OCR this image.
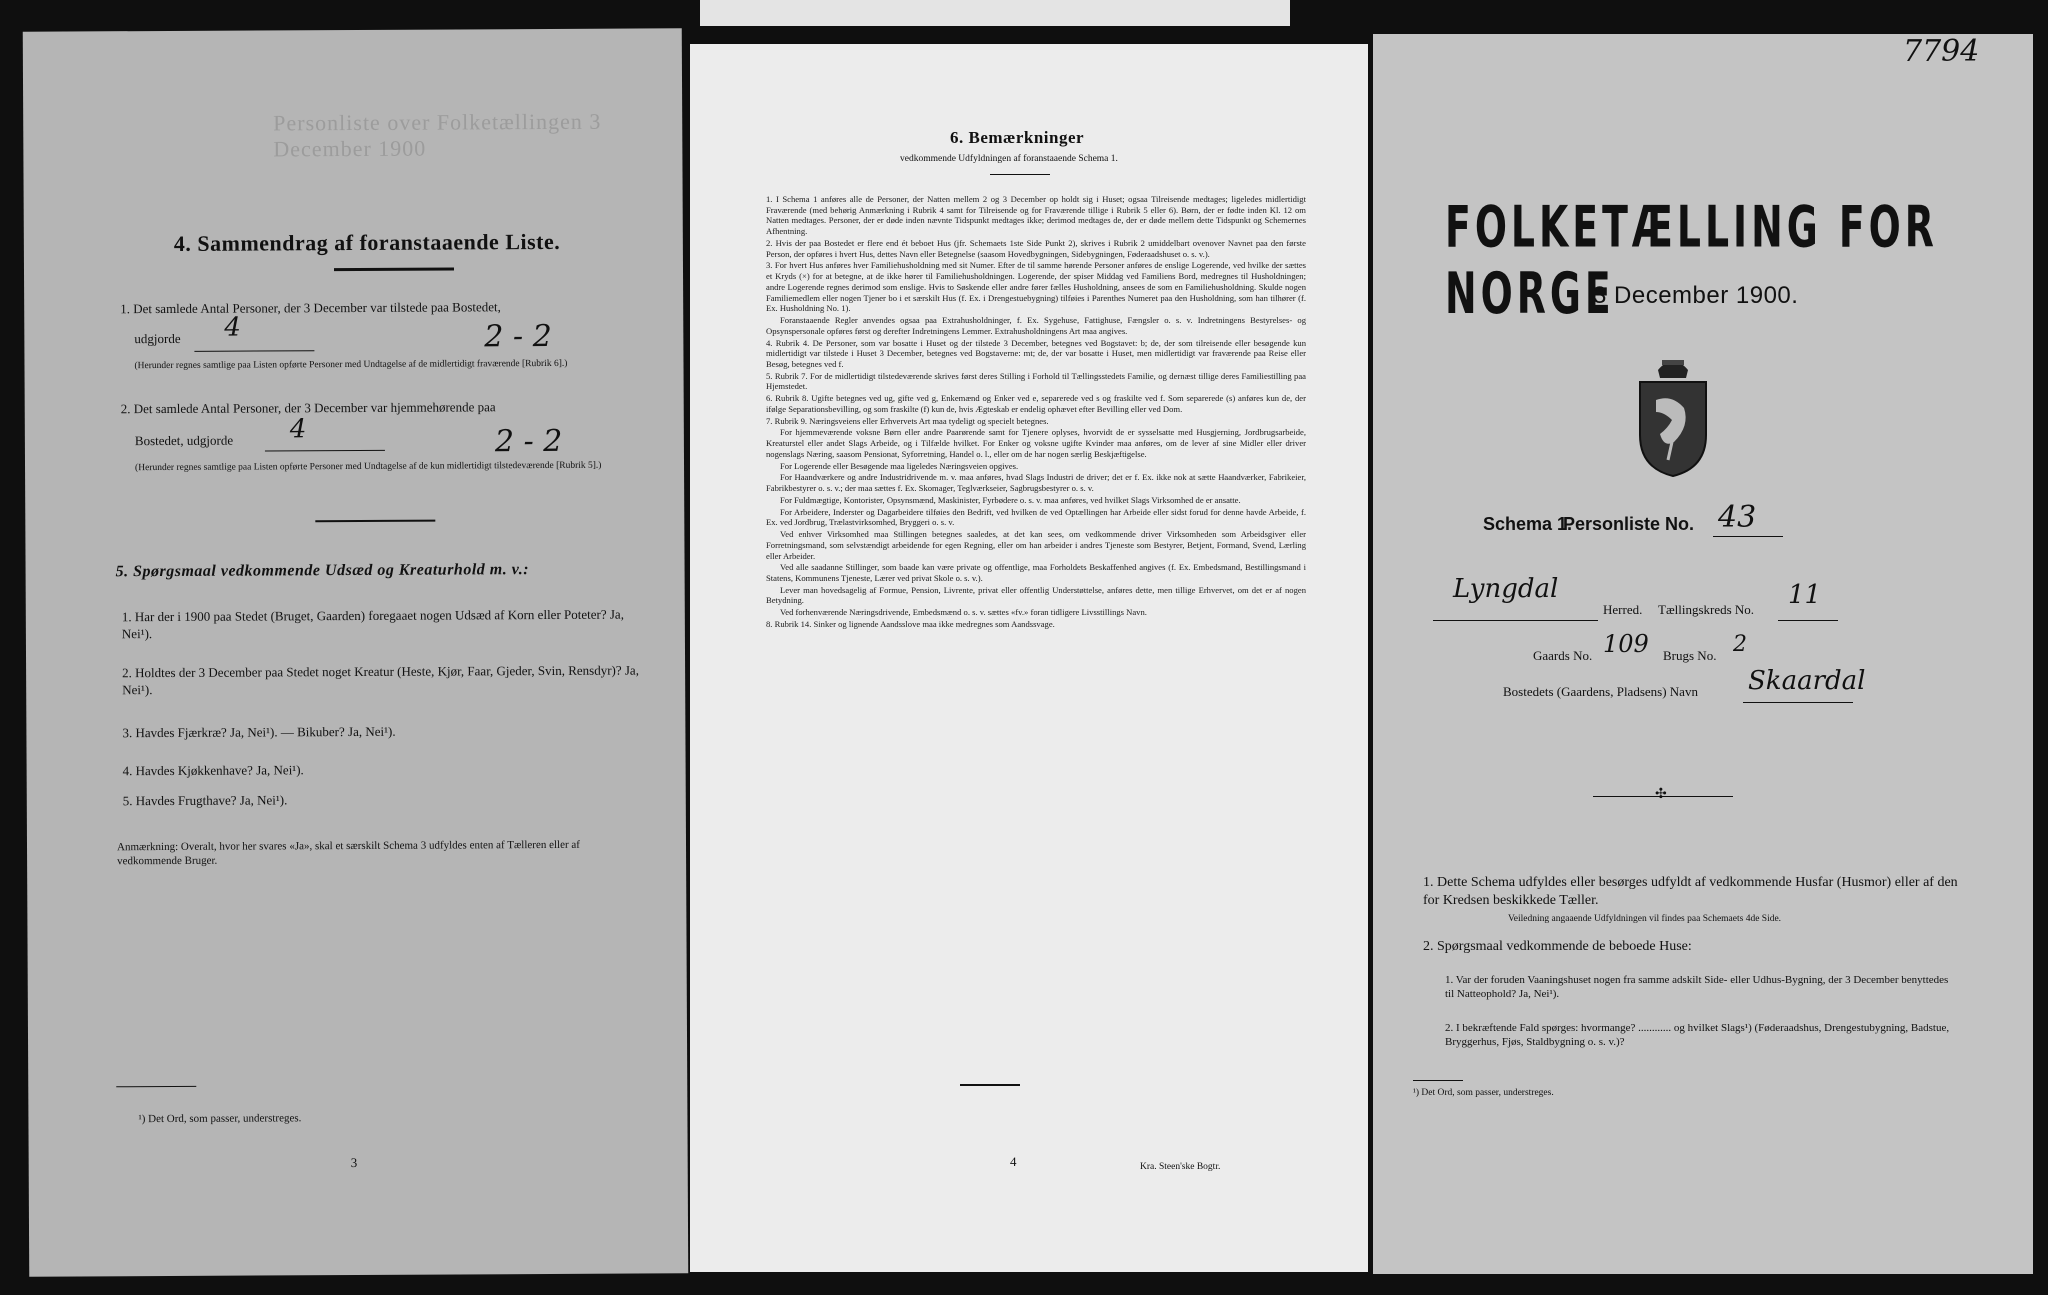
Personliste over Folketællingen 3 December 1900
4. Sammendrag af foranstaaende Liste.
1. Det samlede Antal Personer, der 3 December var tilstede paa Bostedet,
udgjorde 4	2 - 2
(Herunder regnes samtlige paa Listen opførte Personer med Undtagelse af de midlertidigt fraværende [Rubrik 6].)
2. Det samlede Antal Personer, der 3 December var hjemmehørende paa
Bostedet, udgjorde 4	2 - 2
(Herunder regnes samtlige paa Listen opførte Personer med Undtagelse af de kun midlertidigt tilstedeværende [Rubrik 5].)
5. Spørgsmaal vedkommende Udsæd og Kreaturhold m. v.:
1. Har der i 1900 paa Stedet (Bruget, Gaarden) foregaaet nogen Udsæd af Korn eller Poteter? Ja, Nei¹).
2. Holdtes der 3 December paa Stedet noget Kreatur (Heste, Kjør, Faar, Gjeder, Svin, Rensdyr)? Ja, Nei¹).
3. Havdes Fjærkræ? Ja, Nei¹). — Bikuber? Ja, Nei¹).
4. Havdes Kjøkkenhave? Ja, Nei¹).
5. Havdes Frugthave? Ja, Nei¹).
Anmærkning: Overalt, hvor her svares «Ja», skal et særskilt Schema 3 udfyldes enten af Tælleren eller af vedkommende Bruger.
¹) Det Ord, som passer, understreges.
3
6. Bemærkninger
vedkommende Udfyldningen af foranstaaende Schema 1.

1. I Schema 1 anføres alle de Personer, der Natten mellem 2 og 3 December op holdt sig i Huset; ogsaa Tilreisende medtages; ligeledes midlertidigt Fraværende (med behørig Anmærkning i Rubrik 4 samt for Tilreisende og for Fraværende tillige i Rubrik 5 eller 6). Børn, der er fødte inden Kl. 12 om Natten medtages. Personer, der er døde inden nævnte Tidspunkt medtages ikke; derimod medtages de, der er døde mellem dette Tidspunkt og Schemernes Afhentning.

2. Hvis der paa Bostedet er flere end ét beboet Hus (jfr. Schemaets 1ste Side Punkt 2), skrives i Rubrik 2 umiddelbart ovenover Navnet paa den første Person, der opføres i hvert Hus, dettes Navn eller Betegnelse (saasom Hovedbygningen, Sidebygningen, Føderaadshuset o. s. v.).

3. For hvert Hus anføres hver Familiehusholdning med sit Numer. Efter de til samme hørende Personer anføres de enslige Logerende, ved hvilke der sættes et Kryds (×) for at betegne, at de ikke hører til Familiehusholdningen. Logerende, der spiser Middag ved Familiens Bord, medregnes til Husholdningen; andre Logerende regnes derimod som enslige. Hvis to Søskende eller andre fører fælles Husholdning, ansees de som en Familiehusholdning. Skulde nogen Familiemedlem eller nogen Tjener bo i et særskilt Hus (f. Ex. i Drengestuebygning) tilføies i Parenthes Numeret paa den Husholdning, som han tilhører (f. Ex. Husholdning No. 1).

Foranstaaende Regler anvendes ogsaa paa Extrahusholdninger, f. Ex. Sygehuse, Fattighuse, Fængsler o. s. v. Indretningens Bestyrelses- og Opsynspersonale opføres først og derefter Indretningens Lemmer. Extrahusholdningens Art maa angives.

4. Rubrik 4. De Personer, som var bosatte i Huset og der tilstede 3 December, betegnes ved Bogstavet: b; de, der som tilreisende eller besøgende kun midlertidigt var tilstede i Huset 3 December, betegnes ved Bogstaverne: mt; de, der var bosatte i Huset, men midlertidigt var fraværende paa Reise eller Besøg, betegnes ved f.

5. Rubrik 7. For de midlertidigt tilstedeværende skrives først deres Stilling i Forhold til Tællingsstedets Familie, og dernæst tillige deres Familiestilling paa Hjemstedet.

6. Rubrik 8. Ugifte betegnes ved ug, gifte ved g, Enkemænd og Enker ved e, separerede ved s og fraskilte ved f. Som separerede (s) anføres kun de, der ifølge Separationsbevilling, og som fraskilte (f) kun de, hvis Ægteskab er endelig ophævet efter Bevilling eller ved Dom.

7. Rubrik 9. Næringsveiens eller Erhvervets Art maa tydeligt og specielt betegnes.

For hjemmeværende voksne Børn eller andre Paarørende samt for Tjenere oplyses, hvorvidt de er sysselsatte med Husgjerning, Jordbrugsarbeide, Kreaturstel eller andet Slags Arbeide, og i Tilfælde hvilket. For Enker og voksne ugifte Kvinder maa anføres, om de lever af sine Midler eller driver nogenslags Næring, saasom Pensionat, Syforretning, Handel o. l., eller om de har nogen særlig Beskjæftigelse.

For Logerende eller Besøgende maa ligeledes Næringsveien opgives.

For Haandværkere og andre Industridrivende m. v. maa anføres, hvad Slags Industri de driver; det er f. Ex. ikke nok at sætte Haandværker, Fabrikeier, Fabrikbestyrer o. s. v.; der maa sættes f. Ex. Skomager, Teglværkseier, Sagbrugsbestyrer o. s. v.

For Fuldmægtige, Kontorister, Opsynsmænd, Maskinister, Fyrbødere o. s. v. maa anføres, ved hvilket Slags Virksomhed de er ansatte.

For Arbeidere, Inderster og Dagarbeidere tilføies den Bedrift, ved hvilken de ved Optællingen har Arbeide eller sidst forud for denne havde Arbeide, f. Ex. ved Jordbrug, Trælastvirksomhed, Bryggeri o. s. v.

Ved enhver Virksomhed maa Stillingen betegnes saaledes, at det kan sees, om vedkommende driver Virksomheden som Arbeidsgiver eller Forretningsmand, som selvstændigt arbeidende for egen Regning, eller om han arbeider i andres Tjeneste som Bestyrer, Betjent, Formand, Svend, Lærling eller Arbeider.

Ved alle saadanne Stillinger, som baade kan være private og offentlige, maa Forholdets Beskaffenhed angives (f. Ex. Embedsmand, Bestillingsmand i Statens, Kommunens Tjeneste, Lærer ved privat Skole o. s. v.).

Lever man hovedsagelig af Formue, Pension, Livrente, privat eller offentlig Understøttelse, anføres dette, men tillige Erhvervet, om det er af nogen Betydning.

Ved forhenværende Næringsdrivende, Embedsmænd o. s. v. sættes «fv.» foran tidligere Livsstillings Navn.

8. Rubrik 14. Sinker og lignende Aandsslove maa ikke medregnes som Aandssvage.

4	Kra. Steen'ske Bogtr.
7794
FOLKETÆLLING FOR NORGE
3 December 1900.
Schema 1.
Personliste No. 43
Lyngdal
Herred. Tællingskreds No. 11
Gaards No. 109 Brugs No. 2
Bostedets (Gaardens, Pladsens) Navn Skaardal
✣
1. Dette Schema udfyldes eller besørges udfyldt af vedkommende Husfar (Husmor) eller af den for Kredsen beskikkede Tæller.
Veiledning angaaende Udfyldningen vil findes paa Schemaets 4de Side.
2. Spørgsmaal vedkommende de beboede Huse:
1. Var der foruden Vaaningshuset nogen fra samme adskilt Side- eller Udhus-Bygning, der 3 December benyttedes til Natteophold? Ja, Nei¹).
2. I bekræftende Fald spørges: hvormange? ............ og hvilket Slags¹) (Føderaadshus, Drengestubygning, Badstue, Bryggerhus, Fjøs, Staldbygning o. s. v.)?
¹) Det Ord, som passer, understreges.
